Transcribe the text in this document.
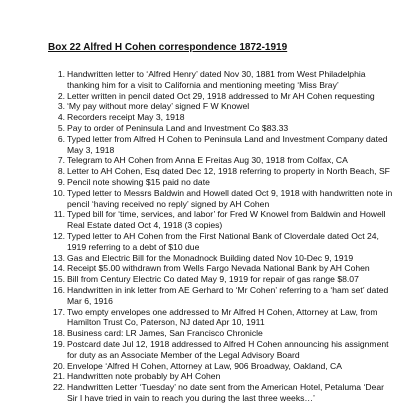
Box 22 Alfred H Cohen correspondence 1872-1919
1. Handwritten letter to ‘Alfred Henry’ dated Nov 30, 1881 from West Philadelphia thanking him for a visit to California and mentioning meeting ‘Miss Bray’
2. Letter written in pencil dated Oct 29, 1918 addressed to Mr AH Cohen requesting
3. ‘My pay without more delay’ signed F W Knowel
4. Recorders receipt May 3, 1918
5. Pay to order of Peninsula Land and Investment Co $83.33
6. Typed letter from Alfred H Cohen to Peninsula Land and Investment Company dated May 3, 1918
7. Telegram to AH Cohen from Anna E Freitas Aug 30, 1918 from Colfax, CA
8. Letter to AH Cohen, Esq dated Dec 12, 1918 referring to property in North Beach, SF
9. Pencil note showing $15 paid no date
10. Typed letter to Messrs Baldwin and Howell dated Oct 9, 1918 with handwritten note in pencil ‘having received no reply’ signed by AH Cohen
11. Typed bill for ‘time, services, and labor’ for Fred W Knowel from Baldwin and Howell Real Estate dated Oct 4, 1918 (3 copies)
12. Typed letter to AH Cohen from the First National Bank of Cloverdale dated Oct 24, 1919 referring to a debt of $10 due
13. Gas and Electric Bill for the Monadnock Building dated Nov 10-Dec 9, 1919
14. Receipt $5.00 withdrawn from Wells Fargo Nevada National Bank by AH Cohen
15. Bill from Century Electric Co dated May 9, 1919 for repair of gas range $8.07
16. Handwritten in ink letter from AE Gerhard to ‘Mr Cohen’ referring to a ‘ham set’ dated Mar 6, 1916
17. Two empty envelopes one addressed to Mr Alfred H Cohen, Attorney at Law, from Hamilton Trust Co, Paterson, NJ dated Apr 10, 1911
18. Business card: LR James, San Francisco Chronicle
19. Postcard date Jul 12, 1918 addressed to Alfred H Cohen announcing his assignment for duty as an Associate Member of the Legal Advisory Board
20. Envelope ‘Alfred H Cohen, Attorney at Law, 906 Broadway, Oakland, CA
21. Handwritten note probably by AH Cohen
22. Handwritten Letter ‘Tuesday’ no date sent from the American Hotel, Petaluma ‘Dear Sir I have tried in vain to reach you during the last three weeks…’
